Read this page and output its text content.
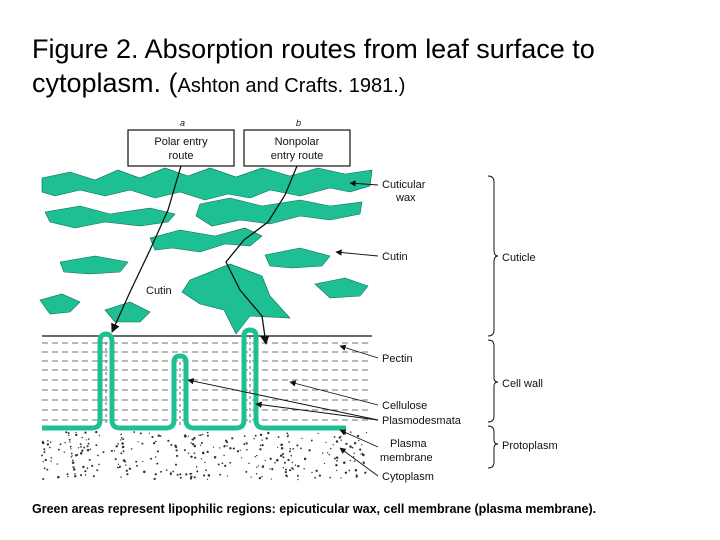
Figure 2. Absorption routes from leaf surface to cytoplasm. (Ashton and Crafts. 1981.)
a	b
Polar entry
route
Nonpolar
entry route
Cutin
Cuticular
wax
Cutin
Pectin
Cellulose
Plasmodesmata
Plasma
membrane
Cytoplasm
Cuticle
Cell wall
Protoplasm
Green areas represent lipophilic regions: epicuticular wax, cell membrane (plasma membrane).
